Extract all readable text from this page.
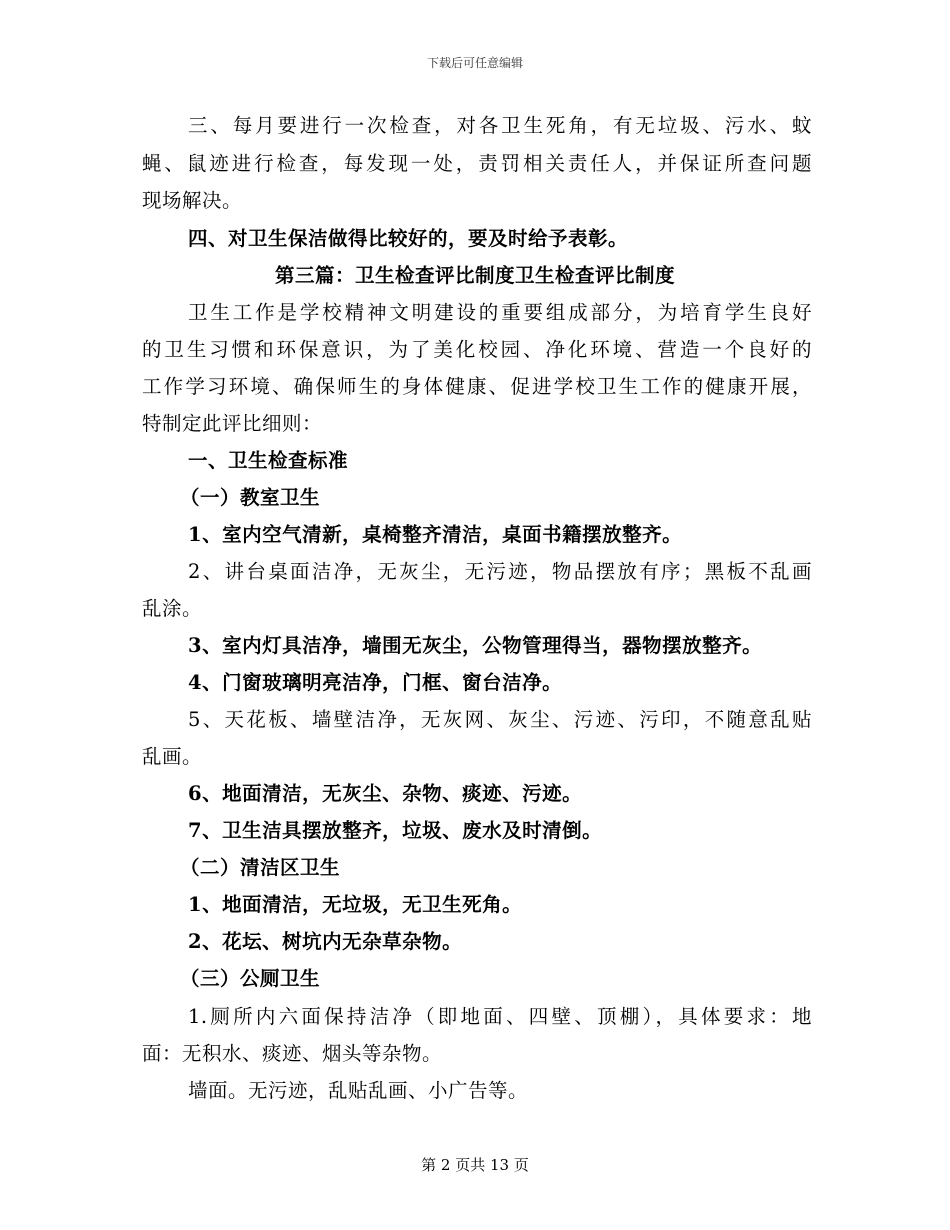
下载后可任意编辑
三、每月要进行一次检查，对各卫生死角，有无垃圾、污水、蚊
蝇、鼠迹进行检查，每发现一处，责罚相关责任人，并保证所查问题
现场解决。
四、对卫生保洁做得比较好的，要及时给予表彰。
第三篇：卫生检查评比制度卫生检查评比制度
卫生工作是学校精神文明建设的重要组成部分，为培育学生良好
的卫生习惯和环保意识，为了美化校园、净化环境、营造一个良好的
工作学习环境、确保师生的身体健康、促进学校卫生工作的健康开展，
特制定此评比细则：
一、卫生检查标准
（一）教室卫生
1、室内空气清新，桌椅整齐清洁，桌面书籍摆放整齐。
2、讲台桌面洁净，无灰尘，无污迹，物品摆放有序；黑板不乱画
乱涂。
3、室内灯具洁净，墙围无灰尘，公物管理得当，器物摆放整齐。
4、门窗玻璃明亮洁净，门框、窗台洁净。
5、天花板、墙壁洁净，无灰网、灰尘、污迹、污印，不随意乱贴
乱画。
6、地面清洁，无灰尘、杂物、痰迹、污迹。
7、卫生洁具摆放整齐，垃圾、废水及时清倒。
（二）清洁区卫生
1、地面清洁，无垃圾，无卫生死角。
2、花坛、树坑内无杂草杂物。
（三）公厕卫生
1.厕所内六面保持洁净（即地面、四壁、顶棚），具体要求：地
面：无积水、痰迹、烟头等杂物。
墙面。无污迹，乱贴乱画、小广告等。
第 2 页共 13 页
